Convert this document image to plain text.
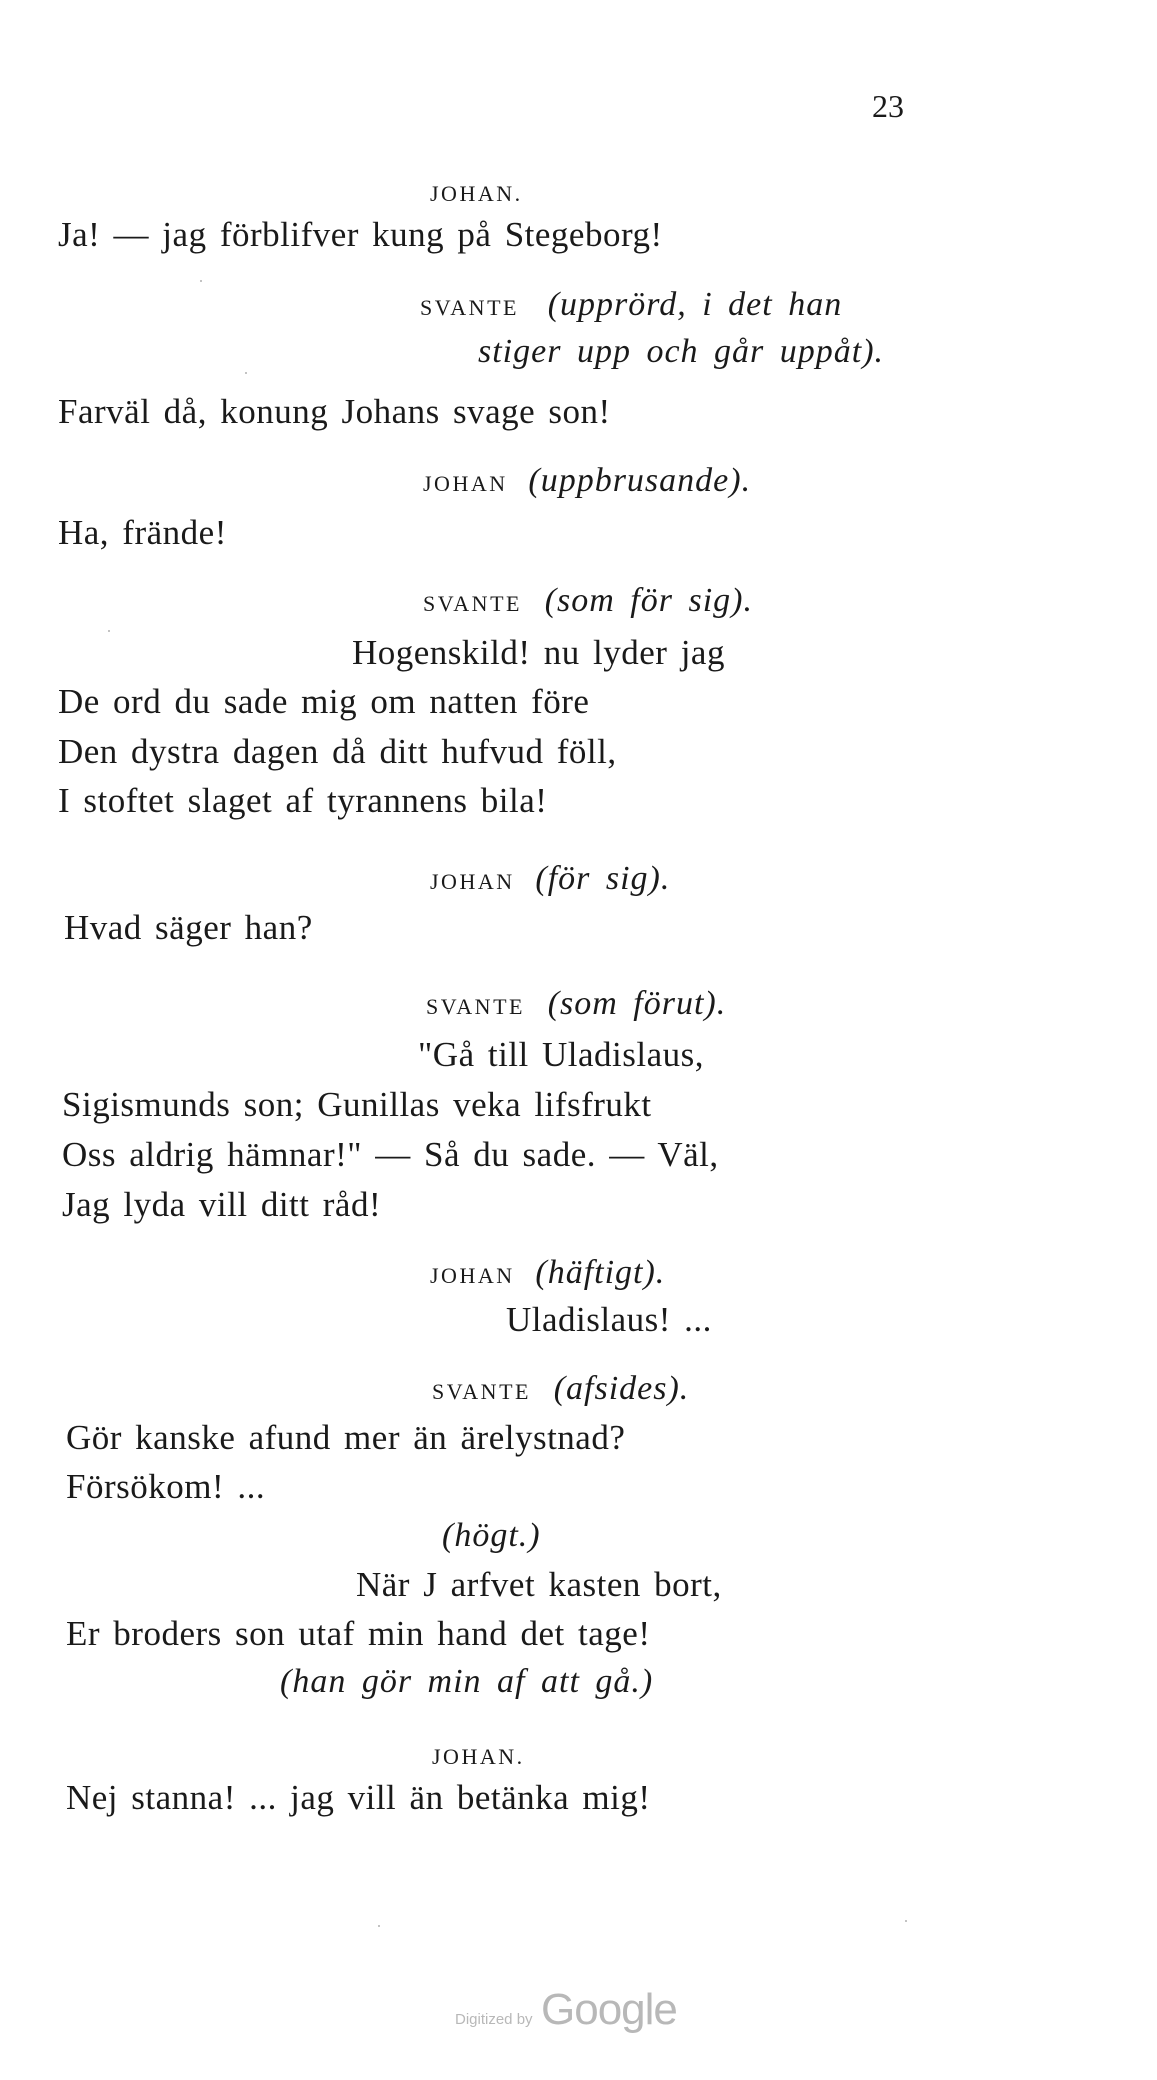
23
JOHAN.
Ja! — jag förblifver kung på Stegeborg!
SVANTE (upprörd, i det han
stiger upp och går uppåt).
Farväl då, konung Johans svage son!
JOHAN (uppbrusande).
Ha, frände!
SVANTE (som för sig).
Hogenskild! nu lyder jag
De ord du sade mig om natten före
Den dystra dagen då ditt hufvud föll,
I stoftet slaget af tyrannens bila!
JOHAN (för sig).
Hvad säger han?
SVANTE (som förut).
"Gå till Uladislaus,
Sigismunds son; Gunillas veka lifsfrukt
Oss aldrig hämnar!" — Så du sade. — Väl,
Jag lyda vill ditt råd!
JOHAN (häftigt).
Uladislaus! ...
SVANTE (afsides).
Gör kanske afund mer än ärelystnad?
Försökom! ...
(högt.)
När J arfvet kasten bort,
Er broders son utaf min hand det tage!
(han gör min af att gå.)
JOHAN.
Nej stanna! ... jag vill än betänka mig!
Digitized by Google
